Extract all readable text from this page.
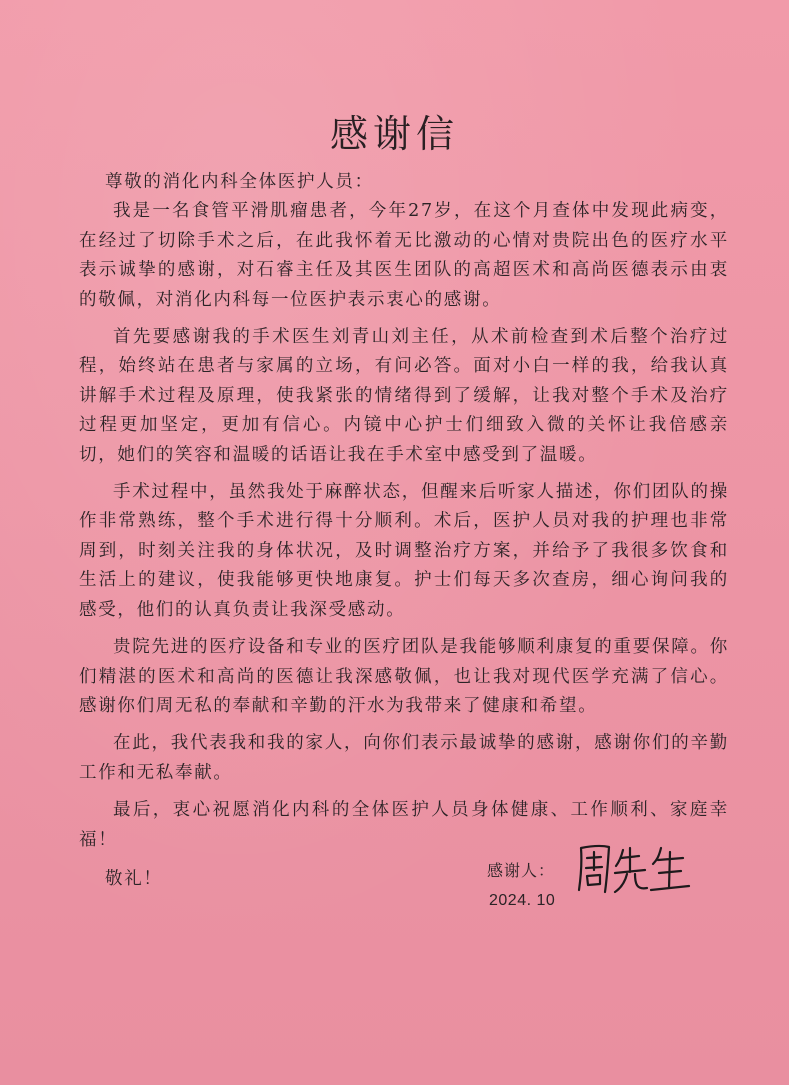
感谢信

尊敬的消化内科全体医护人员：

我是一名食管平滑肌瘤患者，今年27岁，在这个月查体中发现此病变，在经过了切除手术之后，在此我怀着无比激动的心情对贵院出色的医疗水平表示诚挚的感谢，对石睿主任及其医生团队的高超医术和高尚医德表示由衷的敬佩，对消化内科每一位医护表示衷心的感谢。

首先要感谢我的手术医生刘青山刘主任，从术前检查到术后整个治疗过程，始终站在患者与家属的立场，有问必答。面对小白一样的我，给我认真讲解手术过程及原理，使我紧张的情绪得到了缓解，让我对整个手术及治疗过程更加坚定，更加有信心。内镜中心护士们细致入微的关怀让我倍感亲切，她们的笑容和温暖的话语让我在手术室中感受到了温暖。

手术过程中，虽然我处于麻醉状态，但醒来后听家人描述，你们团队的操作非常熟练，整个手术进行得十分顺利。术后，医护人员对我的护理也非常周到，时刻关注我的身体状况，及时调整治疗方案，并给予了我很多饮食和生活上的建议，使我能够更快地康复。护士们每天多次查房，细心询问我的感受，他们的认真负责让我深受感动。

贵院先进的医疗设备和专业的医疗团队是我能够顺利康复的重要保障。你们精湛的医术和高尚的医德让我深感敬佩，也让我对现代医学充满了信心。感谢你们周无私的奉献和辛勤的汗水为我带来了健康和希望。

在此，我代表我和我的家人，向你们表示最诚挚的感谢，感谢你们的辛勤工作和无私奉献。

最后，衷心祝愿消化内科的全体医护人员身体健康、工作顺利、家庭幸福！

敬礼！	感谢人：
2024. 10
